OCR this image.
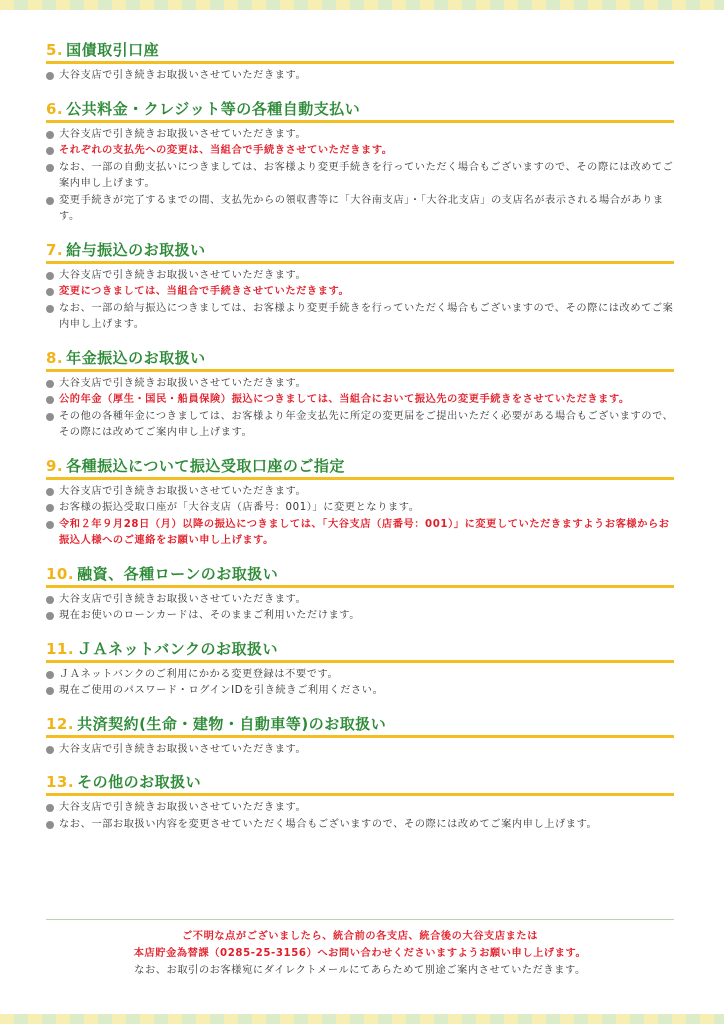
5. 国債取引口座
大谷支店で引き続きお取扱いさせていただきます。
6. 公共料金・クレジット等の各種自動支払い
大谷支店で引き続きお取扱いさせていただきます。
それぞれの支払先への変更は、当組合で手続きさせていただきます。
なお、一部の自動支払いにつきましては、お客様より変更手続きを行っていただく場合もございますので、その際には改めてご案内申し上げます。
変更手続きが完了するまでの間、支払先からの領収書等に「大谷南支店」・「大谷北支店」の支店名が表示される場合があります。
7. 給与振込のお取扱い
大谷支店で引き続きお取扱いさせていただきます。
変更につきましては、当組合で手続きさせていただきます。
なお、一部の給与振込につきましては、お客様より変更手続きを行っていただく場合もございますので、その際には改めてご案内申し上げます。
8. 年金振込のお取扱い
大谷支店で引き続きお取扱いさせていただきます。
公的年金（厚生・国民・船員保険）振込につきましては、当組合において振込先の変更手続きをさせていただきます。
その他の各種年金につきましては、お客様より年金支払先に所定の変更届をご提出いただく必要がある場合もございますので、その際には改めてご案内申し上げます。
9. 各種振込について振込受取口座のご指定
大谷支店で引き続きお取扱いさせていただきます。
お客様の振込受取口座が「大谷支店（店番号：001）」に変更となります。
令和２年９月28日（月）以降の振込につきましては、「大谷支店（店番号：001）」に変更していただきますようお客様からお振込人様へのご連絡をお願い申し上げます。
10. 融資、各種ローンのお取扱い
大谷支店で引き続きお取扱いさせていただきます。
現在お使いのローンカードは、そのままご利用いただけます。
11. ＪＡネットバンクのお取扱い
ＪＡネットバンクのご利用にかかる変更登録は不要です。
現在ご使用のパスワード・ログインIDを引き続きご利用ください。
12. 共済契約(生命・建物・自動車等)のお取扱い
大谷支店で引き続きお取扱いさせていただきます。
13. その他のお取扱い
大谷支店で引き続きお取扱いさせていただきます。
なお、一部お取扱い内容を変更させていただく場合もございますので、その際には改めてご案内申し上げます。
ご不明な点がございましたら、統合前の各支店、統合後の大谷支店または
本店貯金為替課（0285-25-3156）へお問い合わせくださいますようお願い申し上げます。
なお、お取引のお客様宛にダイレクトメールにてあらためて別途ご案内させていただきます。
